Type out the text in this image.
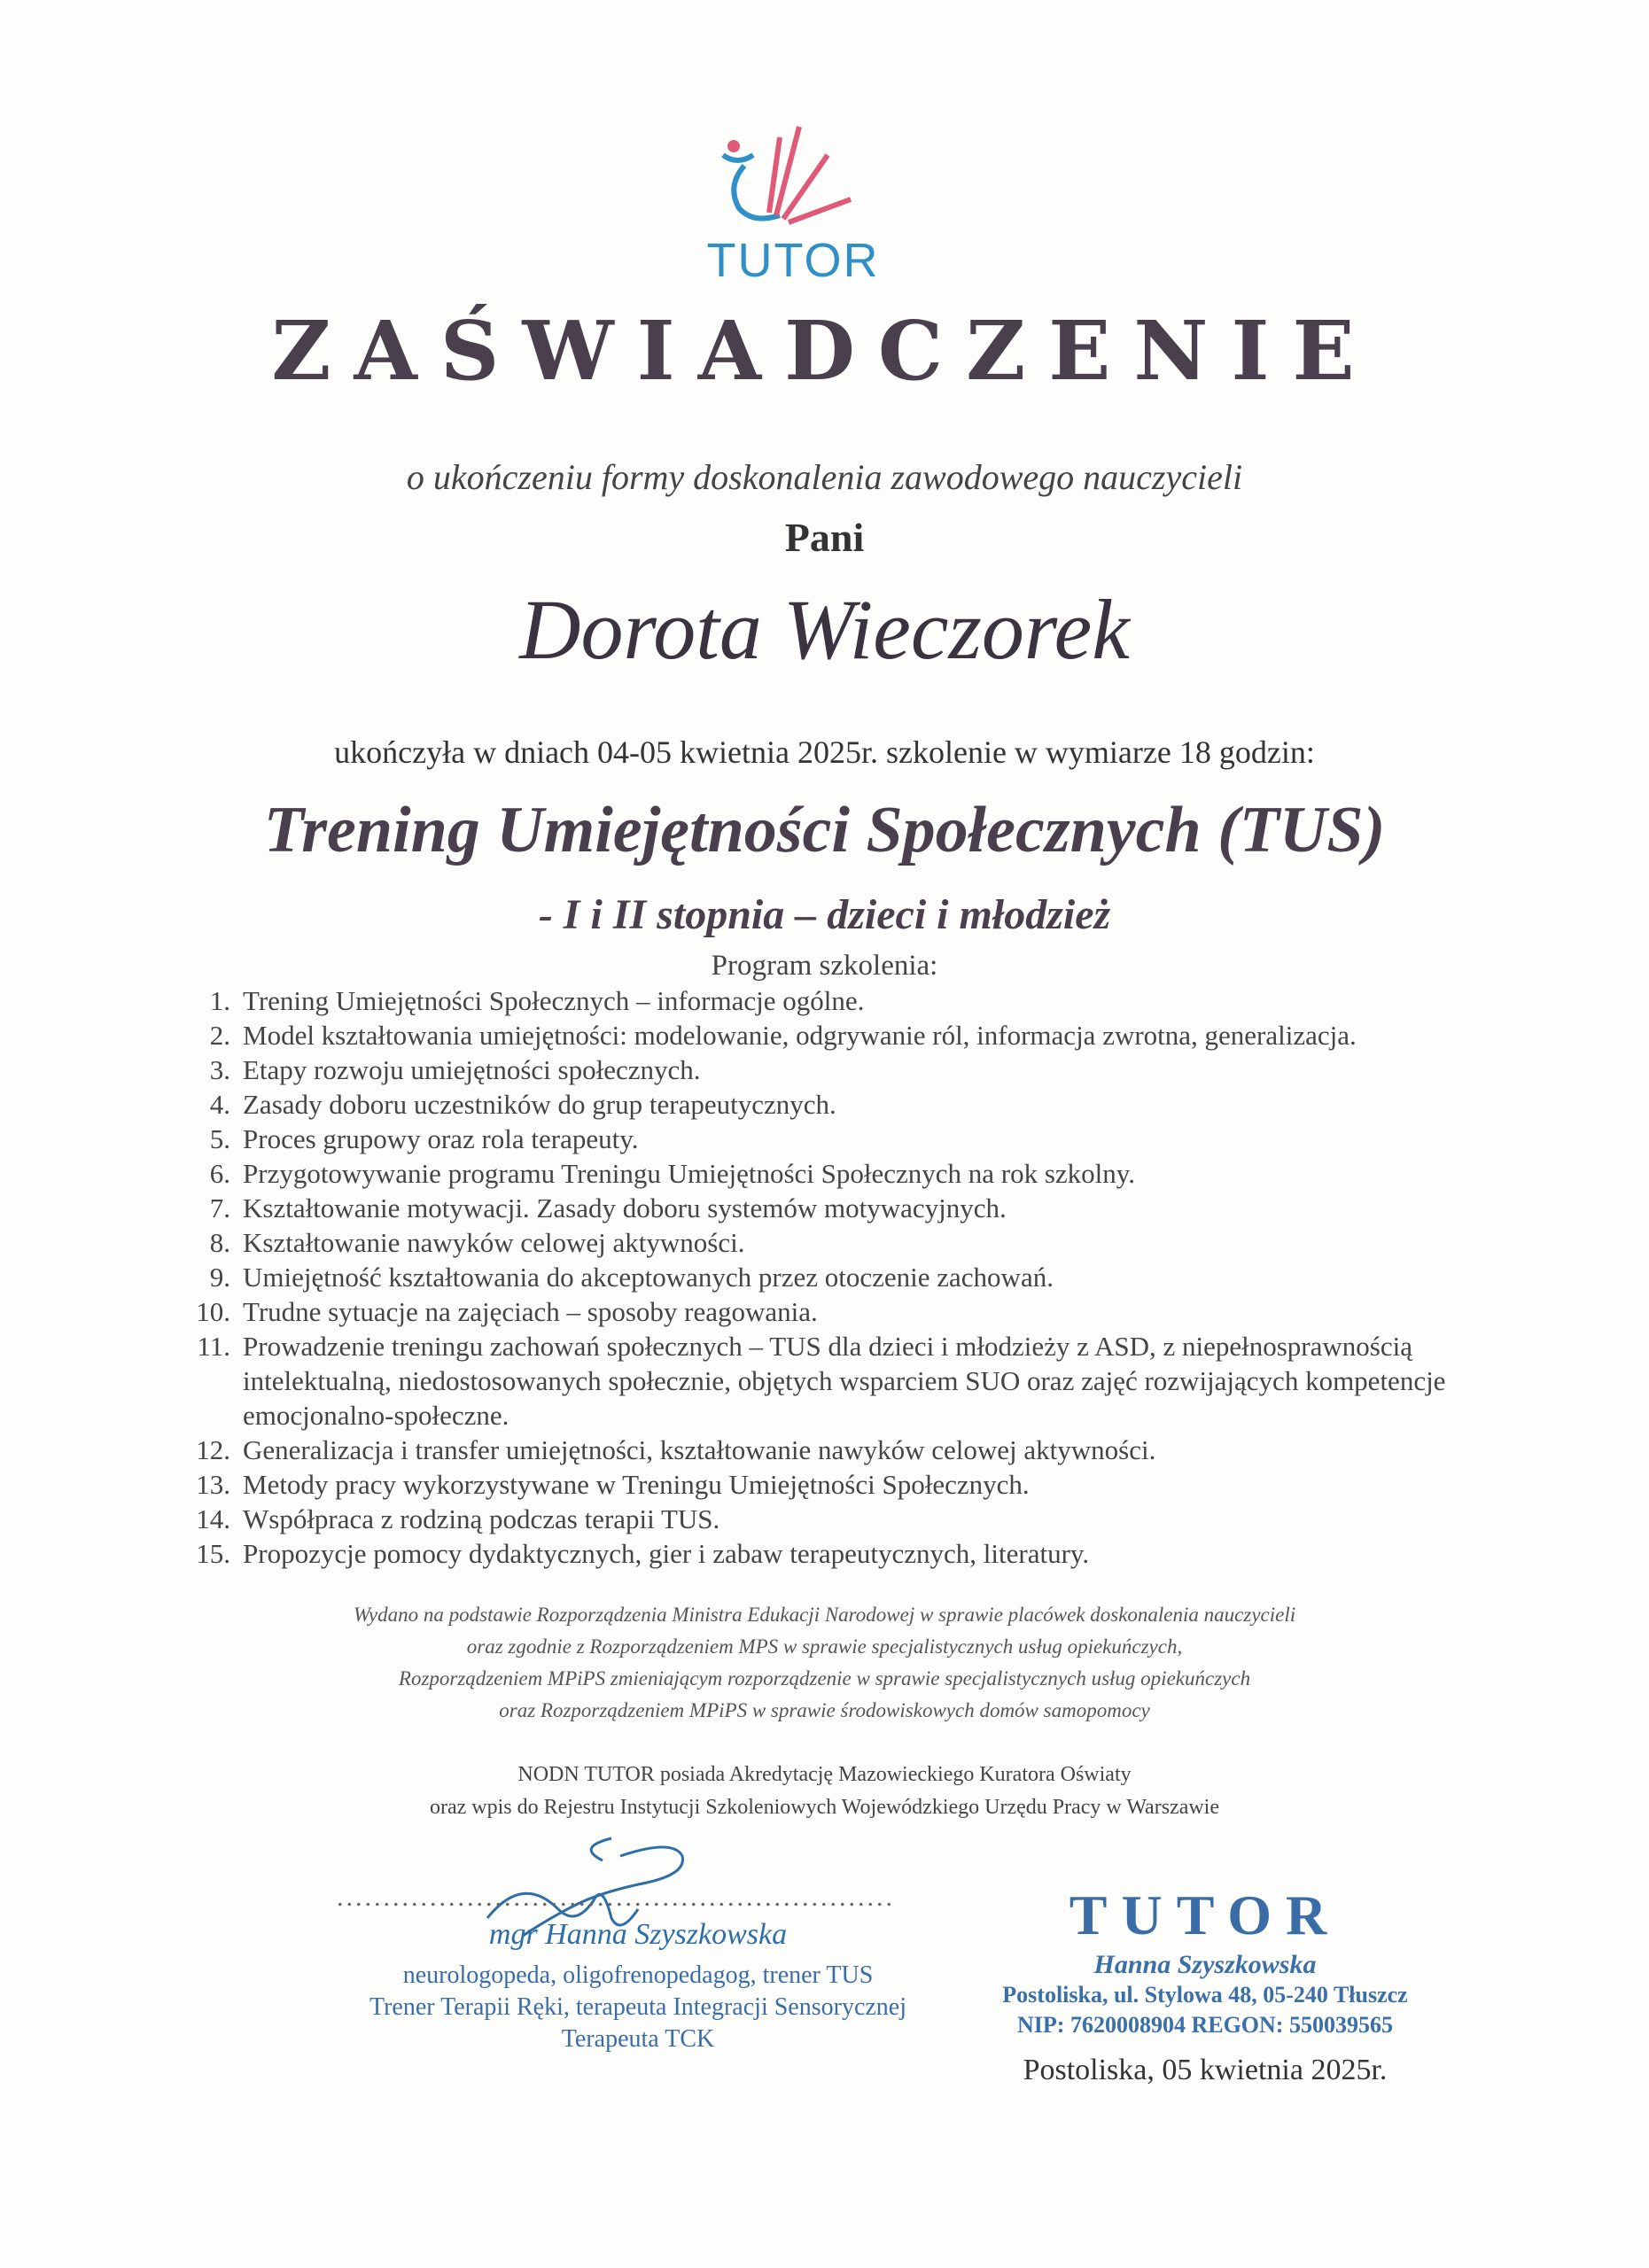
TUTOR
ZAŚWIADCZENIE
o ukończeniu formy doskonalenia zawodowego nauczycieli
Pani
Dorota Wieczorek
ukończyła w dniach 04-05 kwietnia 2025r. szkolenie w wymiarze 18 godzin:
Trening Umiejętności Społecznych (TUS)
- I i II stopnia – dzieci i młodzież
Program szkolenia:
1. Trening Umiejętności Społecznych – informacje ogólne.
2. Model kształtowania umiejętności: modelowanie, odgrywanie ról, informacja zwrotna, generalizacja.
3. Etapy rozwoju umiejętności społecznych.
4. Zasady doboru uczestników do grup terapeutycznych.
5. Proces grupowy oraz rola terapeuty.
6. Przygotowywanie programu Treningu Umiejętności Społecznych na rok szkolny.
7. Kształtowanie motywacji. Zasady doboru systemów motywacyjnych.
8. Kształtowanie nawyków celowej aktywności.
9. Umiejętność kształtowania do akceptowanych przez otoczenie zachowań.
10. Trudne sytuacje na zajęciach – sposoby reagowania.
11. Prowadzenie treningu zachowań społecznych – TUS dla dzieci i młodzieży z ASD, z niepełnosprawnością intelektualną, niedostosowanych społecznie, objętych wsparciem SUO oraz zajęć rozwijających kompetencje emocjonalno-społeczne.
12. Generalizacja i transfer umiejętności, kształtowanie nawyków celowej aktywności.
13. Metody pracy wykorzystywane w Treningu Umiejętności Społecznych.
14. Współpraca z rodziną podczas terapii TUS.
15. Propozycje pomocy dydaktycznych, gier i zabaw terapeutycznych, literatury.
Wydano na podstawie Rozporządzenia Ministra Edukacji Narodowej w sprawie placówek doskonalenia nauczycieli
oraz zgodnie z Rozporządzeniem MPS w sprawie specjalistycznych usług opiekuńczych,
Rozporządzeniem MPiPS zmieniającym rozporządzenie w sprawie specjalistycznych usług opiekuńczych
oraz Rozporządzeniem MPiPS w sprawie środowiskowych domów samopomocy
NODN TUTOR posiada Akredytację Mazowieckiego Kuratora Oświaty
oraz wpis do Rejestru Instytucji Szkoleniowych Wojewódzkiego Urzędu Pracy w Warszawie
............................................................
mgr Hanna Szyszkowska
neurologopeda, oligofrenopedagog, trener TUS
Trener Terapii Ręki, terapeuta Integracji Sensorycznej
Terapeuta TCK
TUTOR
Hanna Szyszkowska
Postoliska, ul. Stylowa 48, 05-240 Tłuszcz
NIP: 7620008904 REGON: 550039565
Postoliska, 05 kwietnia 2025r.
